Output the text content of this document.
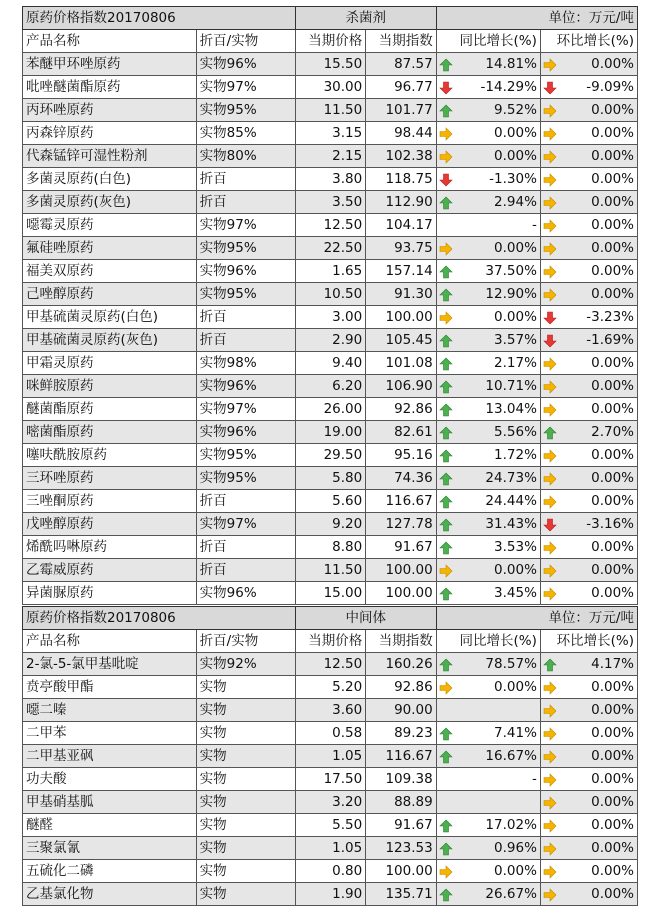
原药价格指数20170806		杀菌剂		单位：万元/吨	
产品名称	折百/实物	当期价格	当期指数	同比增长(%)	环比增长(%)
苯醚甲环唑原药	实物96%	15.50	87.57	14.81%	0.00%

吡唑醚菌酯原药	实物97%	30.00	96.77	-14.29%	-9.09%

丙环唑原药	实物95%	11.50	101.77	9.52%	0.00%

丙森锌原药	实物85%	3.15	98.44	0.00%	0.00%

代森锰锌可湿性粉剂	实物80%	2.15	102.38	0.00%	0.00%

多菌灵原药(白色)	折百	3.80	118.75	-1.30%	0.00%

多菌灵原药(灰色)	折百	3.50	112.90	2.94%	0.00%

噁霉灵原药	实物97%	12.50	104.17	-	0.00%

氟硅唑原药	实物95%	22.50	93.75	0.00%	0.00%

福美双原药	实物96%	1.65	157.14	37.50%	0.00%

己唑醇原药	实物95%	10.50	91.30	12.90%	0.00%

甲基硫菌灵原药(白色)	折百	3.00	100.00	0.00%	-3.23%

甲基硫菌灵原药(灰色)	折百	2.90	105.45	3.57%	-1.69%

甲霜灵原药	实物98%	9.40	101.08	2.17%	0.00%

咪鲜胺原药	实物96%	6.20	106.90	10.71%	0.00%

醚菌酯原药	实物97%	26.00	92.86	13.04%	0.00%

嘧菌酯原药	实物96%	19.00	82.61	5.56%	2.70%

噻呋酰胺原药	实物95%	29.50	95.16	1.72%	0.00%

三环唑原药	实物95%	5.80	74.36	24.73%	0.00%

三唑酮原药	折百	5.60	116.67	24.44%	0.00%

戊唑醇原药	实物97%	9.20	127.78	31.43%	-3.16%

烯酰吗啉原药	折百	8.80	91.67	3.53%	0.00%

乙霉威原药	折百	11.50	100.00	0.00%	0.00%

异菌脲原药	实物96%	15.00	100.00	3.45%	0.00%
原药价格指数20170806		中间体		单位：万元/吨	
产品名称	折百/实物	当期价格	当期指数	同比增长(%)	环比增长(%)
2-氯-5-氯甲基吡啶	实物92%	12.50	160.26	78.57%	4.17%

贲亭酸甲酯	实物	5.20	92.86	0.00%	0.00%

噁二嗪	实物	3.60	90.00		0.00%

二甲苯	实物	0.58	89.23	7.41%	0.00%

二甲基亚砜	实物	1.05	116.67	16.67%	0.00%

功夫酸	实物	17.50	109.38	-	0.00%

甲基硝基胍	实物	3.20	88.89		0.00%

醚醛	实物	5.50	91.67	17.02%	0.00%

三聚氯氰	实物	1.05	123.53	0.96%	0.00%

五硫化二磷	实物	0.80	100.00	0.00%	0.00%

乙基氯化物	实物	1.90	135.71	26.67%	0.00%
